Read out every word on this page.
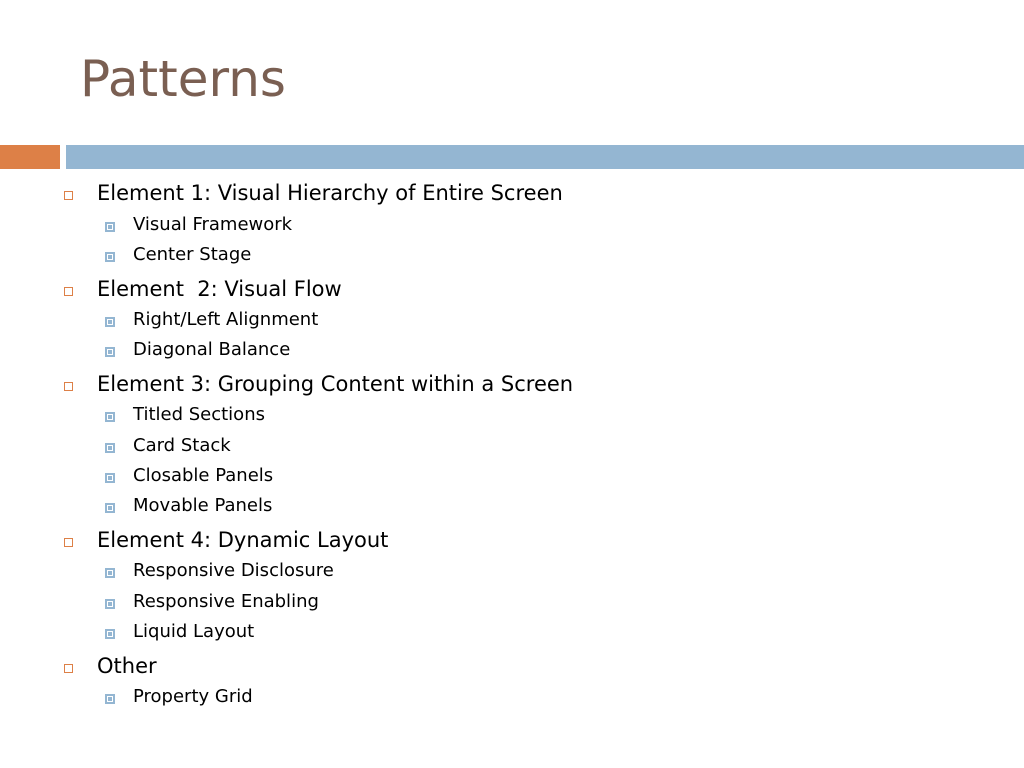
Patterns
Element 1: Visual Hierarchy of Entire Screen
Visual Framework
Center Stage
Element  2: Visual Flow
Right/Left Alignment
Diagonal Balance
Element 3: Grouping Content within a Screen
Titled Sections
Card Stack
Closable Panels
Movable Panels
Element 4: Dynamic Layout
Responsive Disclosure
Responsive Enabling
Liquid Layout
Other
Property Grid
